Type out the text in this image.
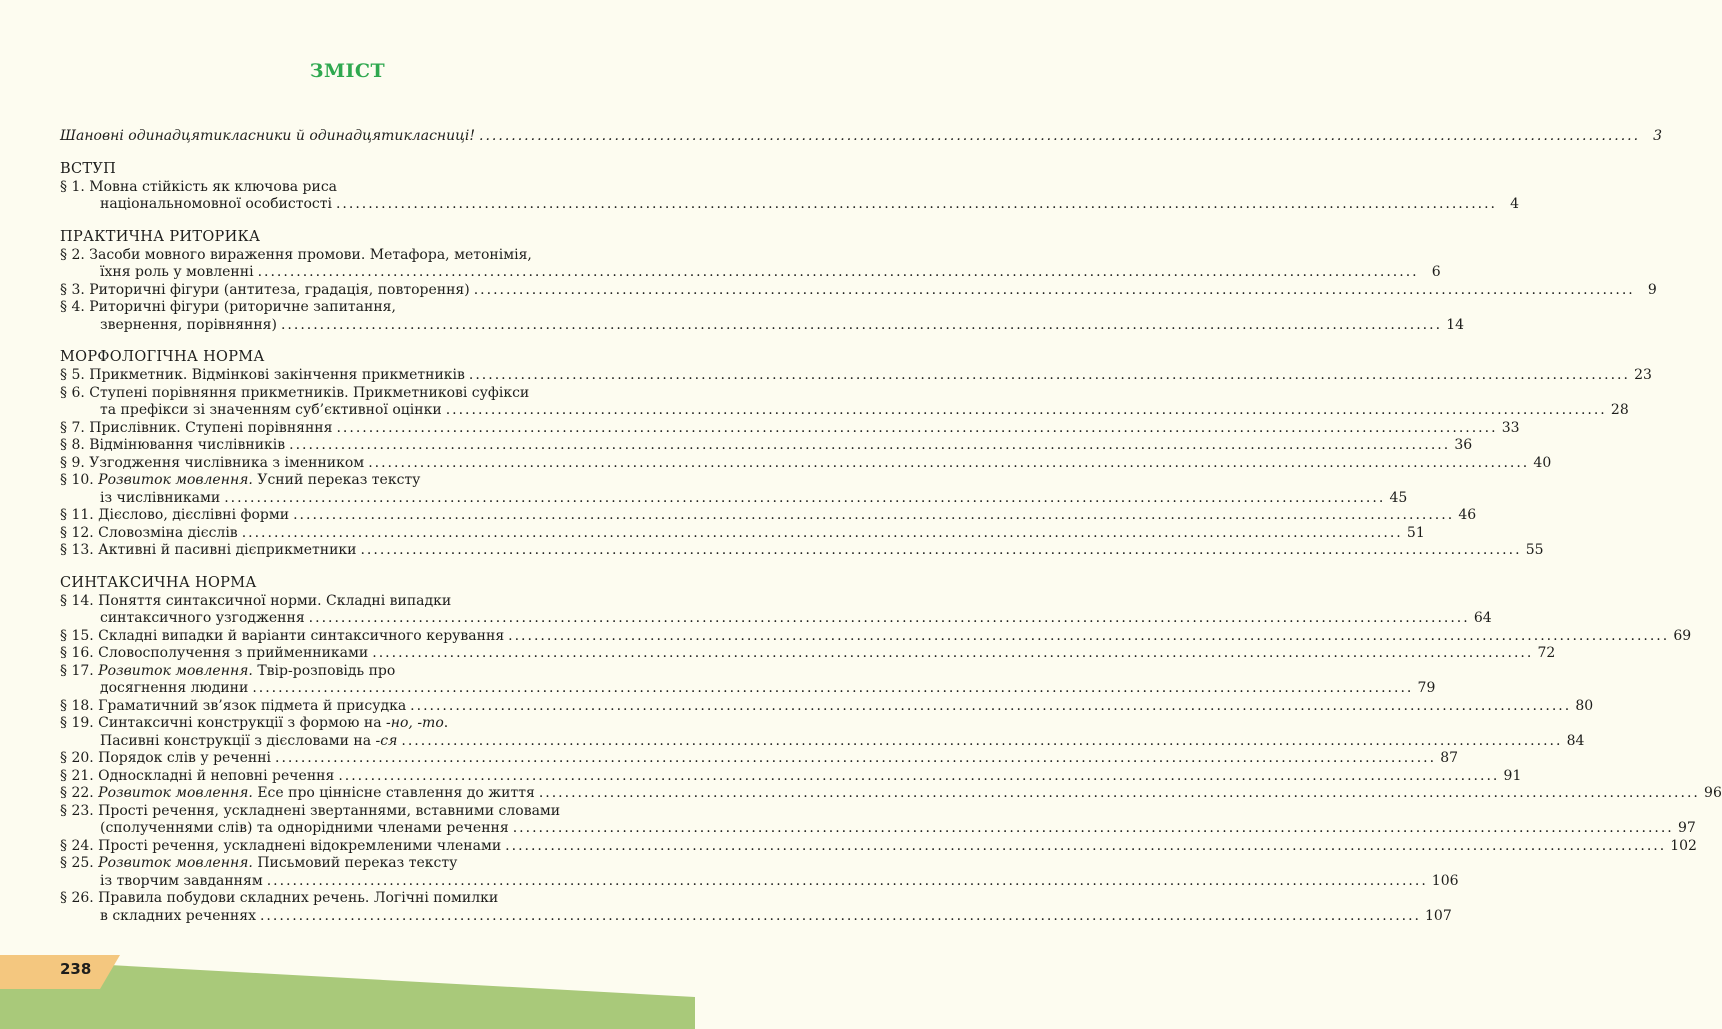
ЗМІСТ
Шановні одинадцятикласники й одинадцятикласниці! .....	3
ВСТУП
§ 1. Мовна стійкість як ключова риса
національномовної особистості .....	4
ПРАКТИЧНА РИТОРИКА
§ 2. Засоби мовного вираження промови. Метафора, метонімія,
їхня роль у мовленні .....	6
§ 3. Риторичні фігури (антитеза, градація, повторення) .....	9
§ 4. Риторичні фігури (риторичне запитання,
звернення, порівняння) .....	14
МОРФОЛОГІЧНА НОРМА
§ 5. Прикметник. Відмінкові закінчення прикметників .....	23
§ 6. Ступені порівняння прикметників. Прикметникові суфікси
та префікси зі значенням суб’єктивної оцінки .....	28
§ 7. Прислівник. Ступені порівняння .....	33
§ 8. Відмінювання числівників .....	36
§ 9. Узгодження числівника з іменником .....	40
§ 10. Розвиток мовлення. Усний переказ тексту
із числівниками .....	45
§ 11. Дієслово, дієслівні форми .....	46
§ 12. Словозміна дієслів .....	51
§ 13. Активні й пасивні дієприкметники .....	55
СИНТАКСИЧНА НОРМА
§ 14. Поняття синтаксичної норми. Складні випадки
синтаксичного узгодження .....	64
§ 15. Складні випадки й варіанти синтаксичного керування .....	69
§ 16. Словосполучення з прийменниками .....	72
§ 17. Розвиток мовлення. Твір-розповідь про
досягнення людини .....	79
§ 18. Граматичний зв’язок підмета й присудка .....	80
§ 19. Синтаксичні конструкції з формою на -но, -то.
Пасивні конструкції з дієсловами на -ся .....	84
§ 20. Порядок слів у реченні .....	87
§ 21. Односкладні й неповні речення .....	91
§ 22. Розвиток мовлення. Есе про ціннісне ставлення до життя .....	96
§ 23. Прості речення, ускладнені звертаннями, вставними словами
(сполученнями слів) та однорідними членами речення .....	97
§ 24. Прості речення, ускладнені відокремленими членами .....	102
§ 25. Розвиток мовлення. Письмовий переказ тексту
із творчим завданням .....	106
§ 26. Правила побудови складних речень. Логічні помилки
в складних реченнях .....	107
238
